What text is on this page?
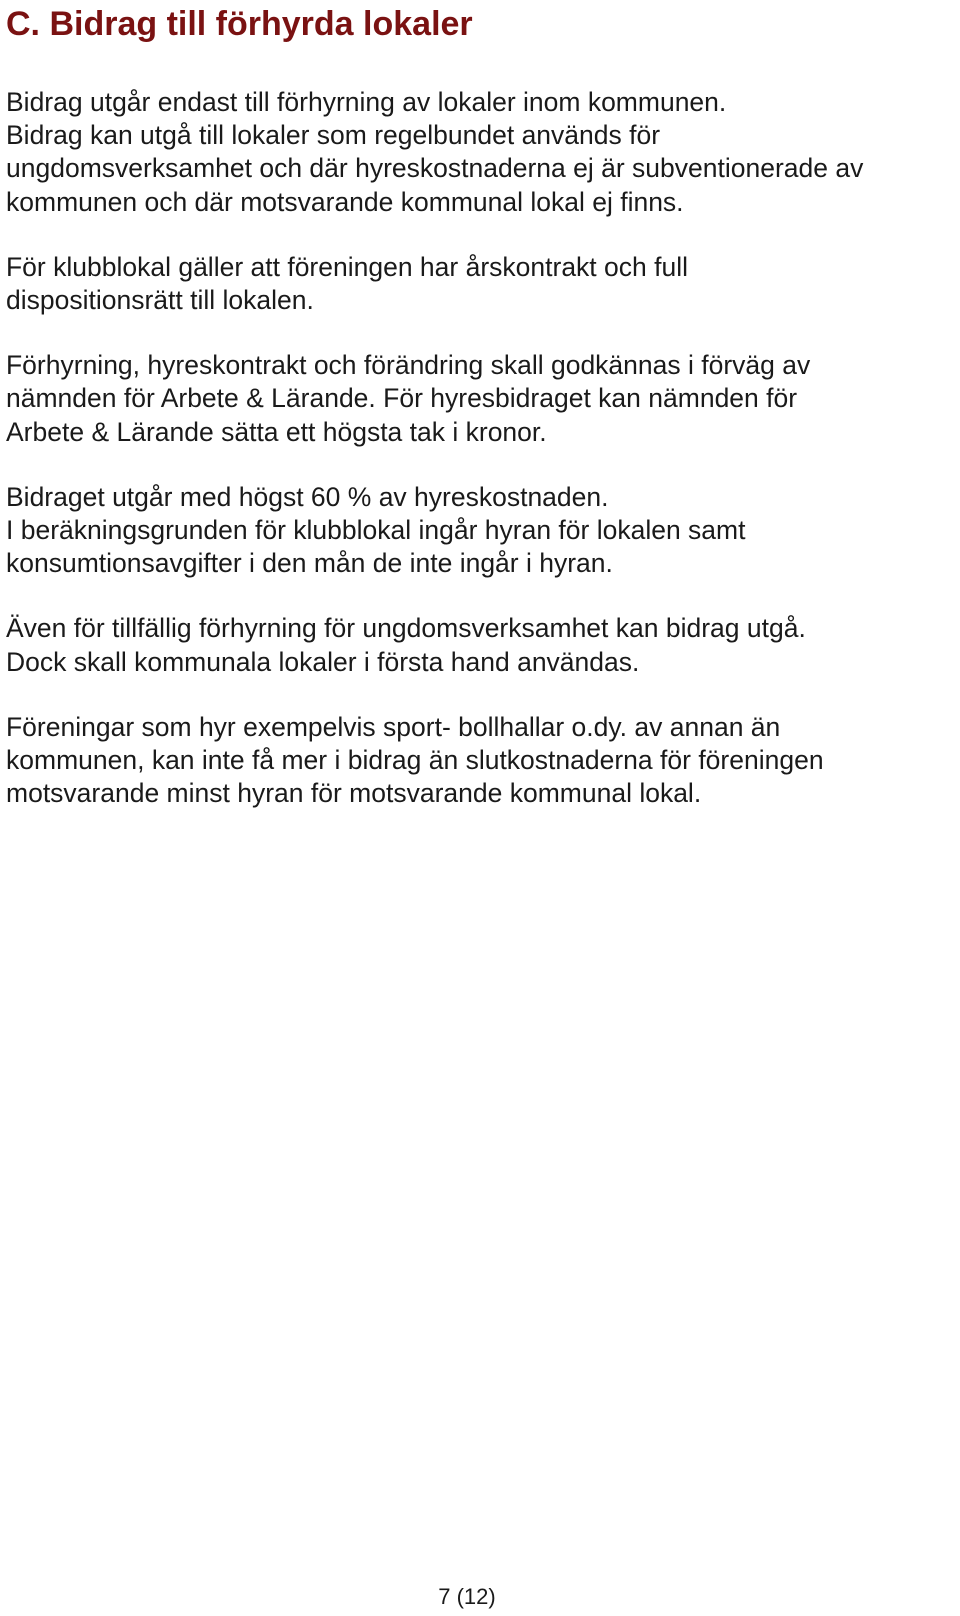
C. Bidrag till förhyrda lokaler

Bidrag utgår endast till förhyrning av lokaler inom kommunen.
Bidrag kan utgå till lokaler som regelbundet används för
ungdomsverksamhet och där hyreskostnaderna ej är subventionerade av
kommunen och där motsvarande kommunal lokal ej finns.

För klubblokal gäller att föreningen har årskontrakt och full
dispositionsrätt till lokalen.

Förhyrning, hyreskontrakt och förändring skall godkännas i förväg av
nämnden för Arbete & Lärande. För hyresbidraget kan nämnden för
Arbete & Lärande sätta ett högsta tak i kronor.

Bidraget utgår med högst 60 % av hyreskostnaden.
I beräkningsgrunden för klubblokal ingår hyran för lokalen samt
konsumtionsavgifter i den mån de inte ingår i hyran.

Även för tillfällig förhyrning för ungdomsverksamhet kan bidrag utgå.
Dock skall kommunala lokaler i första hand användas.

Föreningar som hyr exempelvis sport- bollhallar o.dy. av annan än
kommunen, kan inte få mer i bidrag än slutkostnaderna för föreningen
motsvarande minst hyran för motsvarande kommunal lokal.

7 (12)
